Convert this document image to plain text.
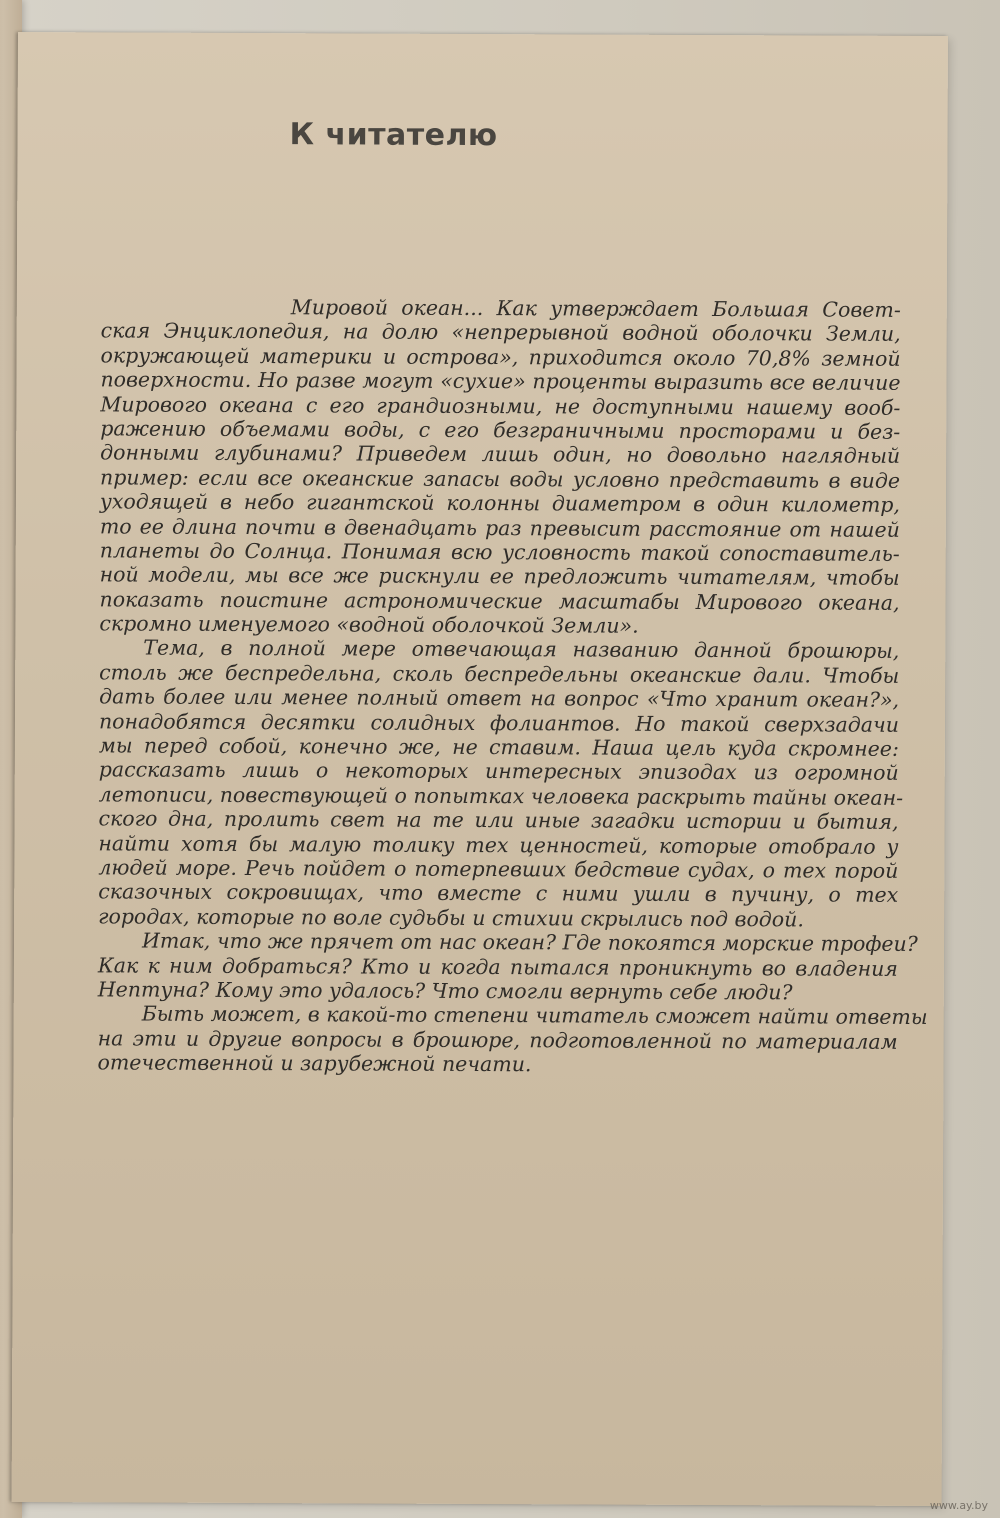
К читателю
Мировой океан... Как утверждает Большая Совет-
ская Энциклопедия, на долю «непрерывной водной оболочки Земли,
окружающей материки и острова», приходится около 70,8% земной
поверхности. Но разве могут «сухие» проценты выразить все величие
Мирового океана с его грандиозными, не доступными нашему вооб-
ражению объемами воды, с его безграничными просторами и без-
донными глубинами? Приведем лишь один, но довольно наглядный
пример: если все океанские запасы воды условно представить в виде
уходящей в небо гигантской колонны диаметром в один километр,
то ее длина почти в двенадцать раз превысит расстояние от нашей
планеты до Солнца. Понимая всю условность такой сопоставитель-
ной модели, мы все же рискнули ее предложить читателям, чтобы
показать поистине астрономические масштабы Мирового океана,
скромно именуемого «водной оболочкой Земли».
Тема, в полной мере отвечающая названию данной брошюры,
столь же беспредельна, сколь беспредельны океанские дали. Чтобы
дать более или менее полный ответ на вопрос «Что хранит океан?»,
понадобятся десятки солидных фолиантов. Но такой сверхзадачи
мы перед собой, конечно же, не ставим. Наша цель куда скромнее:
рассказать лишь о некоторых интересных эпизодах из огромной
летописи, повествующей о попытках человека раскрыть тайны океан-
ского дна, пролить свет на те или иные загадки истории и бытия,
найти хотя бы малую толику тех ценностей, которые отобрало у
людей море. Речь пойдет о потерпевших бедствие судах, о тех порой
сказочных сокровищах, что вместе с ними ушли в пучину, о тех
городах, которые по воле судьбы и стихии скрылись под водой.
Итак, что же прячет от нас океан? Где покоятся морские трофеи?
Как к ним добраться? Кто и когда пытался проникнуть во владения
Нептуна? Кому это удалось? Что смогли вернуть себе люди?
Быть может, в какой-то степени читатель сможет найти ответы
на эти и другие вопросы в брошюре, подготовленной по материалам
отечественной и зарубежной печати.
www.ay.by
